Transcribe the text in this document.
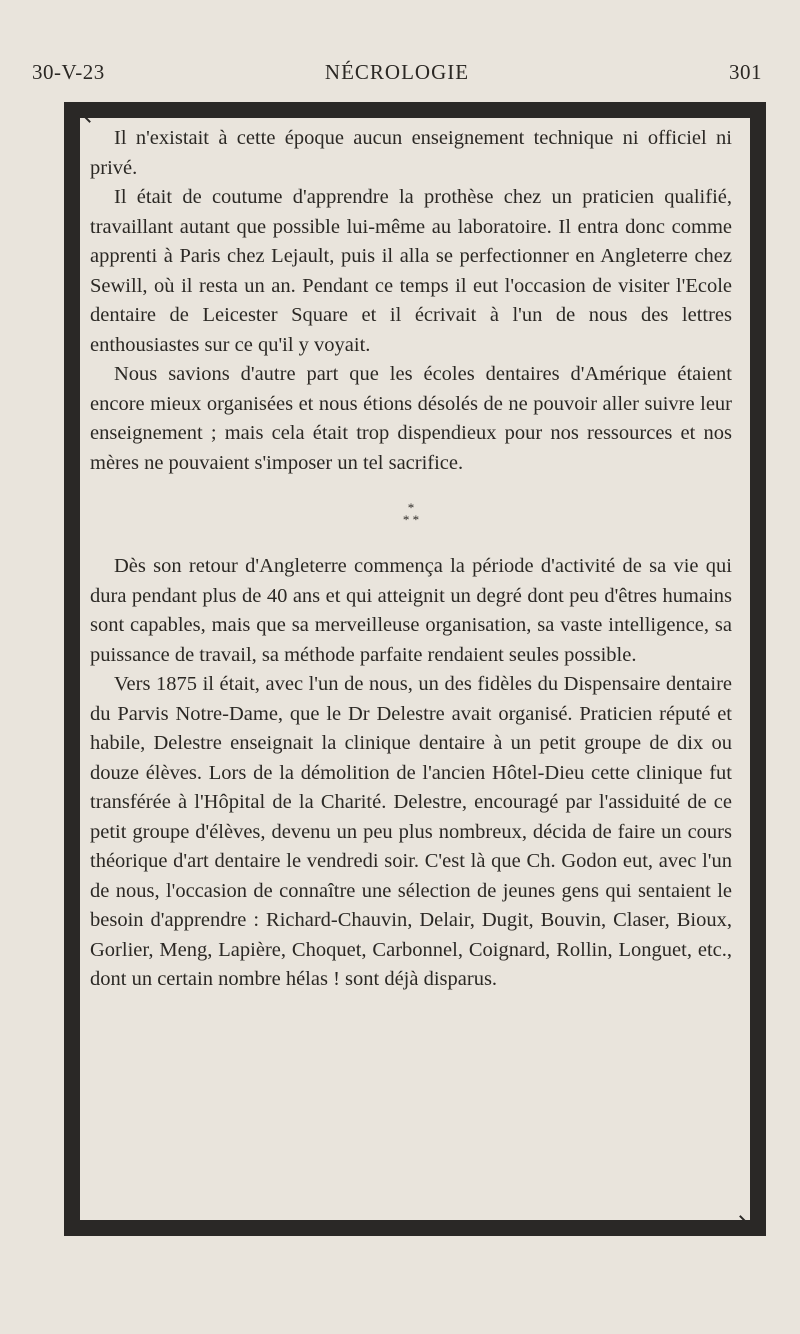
30-V-23	NÉCROLOGIE	301

Il n'existait à cette époque aucun enseignement technique ni officiel ni privé.

Il était de coutume d'apprendre la prothèse chez un praticien qualifié, travaillant autant que possible lui-même au laboratoire. Il entra donc comme apprenti à Paris chez Lejault, puis il alla se perfectionner en Angleterre chez Sewill, où il resta un an. Pendant ce temps il eut l'occasion de visiter l'Ecole dentaire de Leicester Square et il écrivait à l'un de nous des lettres enthousiastes sur ce qu'il y voyait.

Nous savions d'autre part que les écoles dentaires d'Amérique étaient encore mieux organisées et nous étions désolés de ne pouvoir aller suivre leur enseignement ; mais cela était trop dispendieux pour nos ressources et nos mères ne pouvaient s'imposer un tel sacrifice.

*
* *

Dès son retour d'Angleterre commença la période d'activité de sa vie qui dura pendant plus de 40 ans et qui atteignit un degré dont peu d'êtres humains sont capables, mais que sa merveilleuse organisation, sa vaste intelligence, sa puissance de travail, sa méthode parfaite rendaient seules possible.

Vers 1875 il était, avec l'un de nous, un des fidèles du Dispensaire dentaire du Parvis Notre-Dame, que le Dr Delestre avait organisé. Praticien réputé et habile, Delestre enseignait la clinique dentaire à un petit groupe de dix ou douze élèves. Lors de la démolition de l'ancien Hôtel-Dieu cette clinique fut transférée à l'Hôpital de la Charité. Delestre, encouragé par l'assiduité de ce petit groupe d'élèves, devenu un peu plus nombreux, décida de faire un cours théorique d'art dentaire le vendredi soir. C'est là que Ch. Godon eut, avec l'un de nous, l'occasion de connaître une sélection de jeunes gens qui sentaient le besoin d'apprendre : Richard-Chauvin, Delair, Dugit, Bouvin, Claser, Bioux, Gorlier, Meng, Lapière, Choquet, Carbonnel, Coignard, Rollin, Longuet, etc., dont un certain nombre hélas ! sont déjà disparus.
